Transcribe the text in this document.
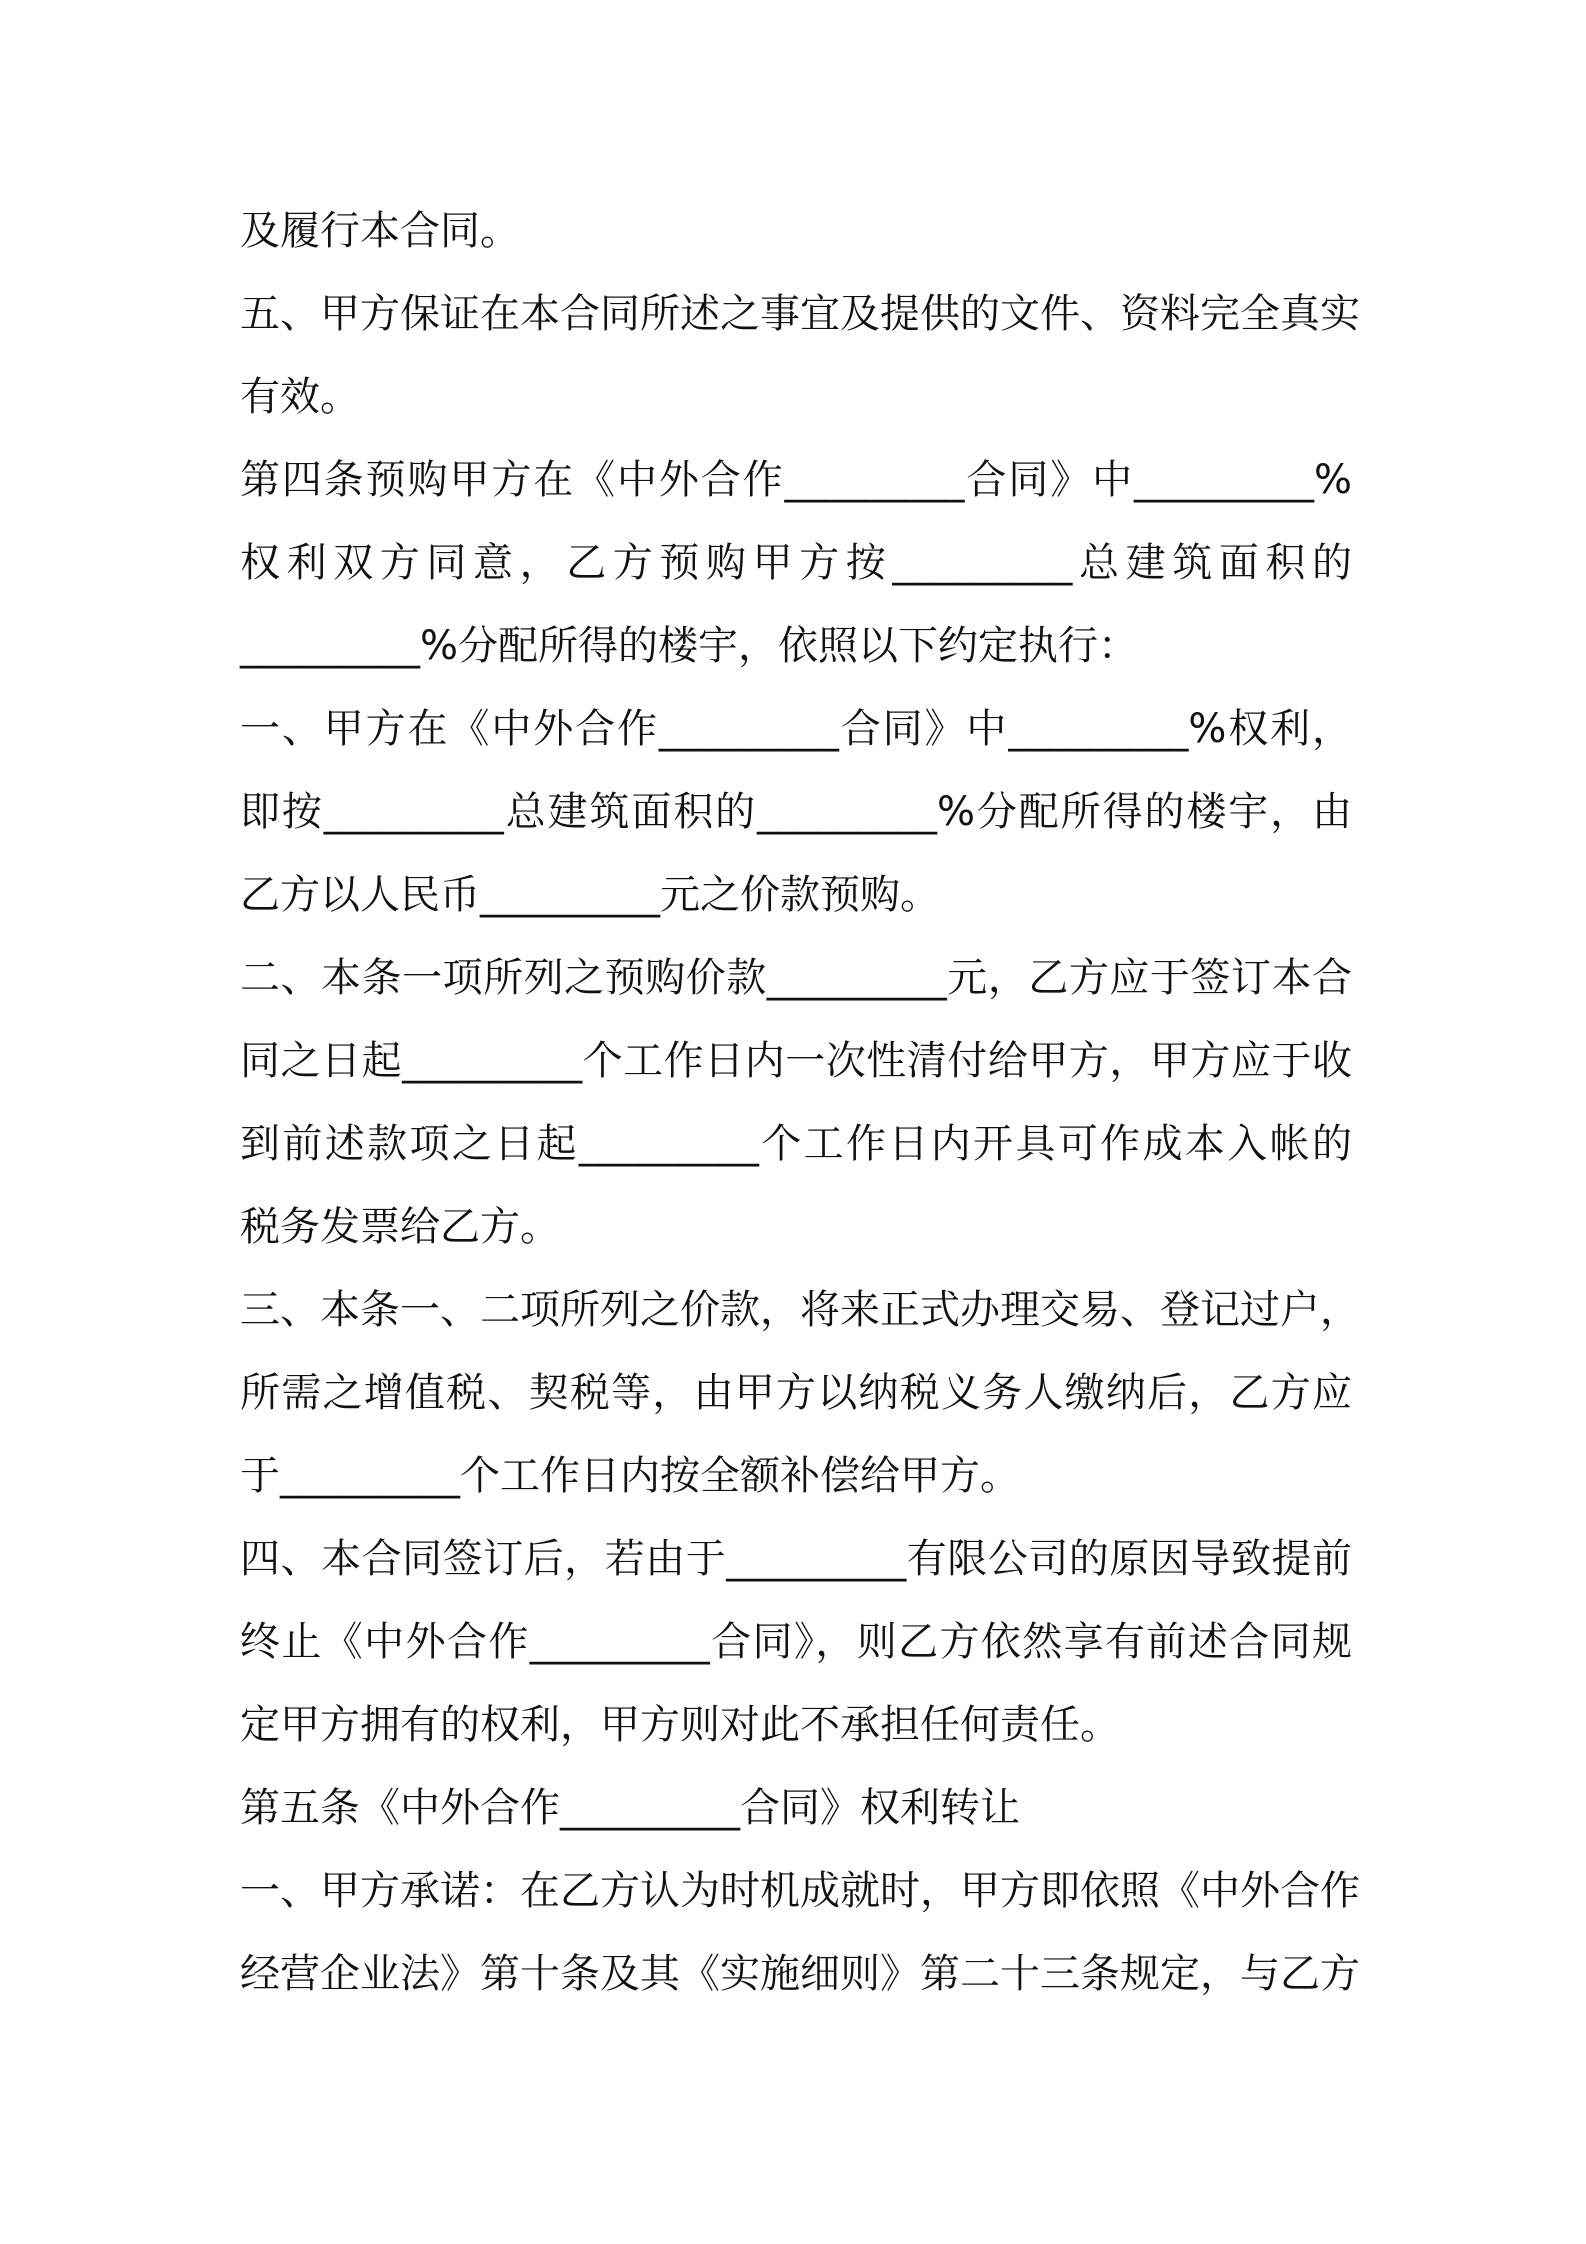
及履行本合同。
五、甲方保证在本合同所述之事宜及提供的文件、资料完全真实
有效。
第四条预购甲方在《中外合作_________合同》中_________%
权利双方同意，乙方预购甲方按_________总建筑面积的
_________%分配所得的楼宇，依照以下约定执行：
一、甲方在《中外合作_________合同》中_________%权利，
即按_________总建筑面积的_________%分配所得的楼宇，由
乙方以人民币_________元之价款预购。
二、本条一项所列之预购价款_________元，乙方应于签订本合
同之日起_________个工作日内一次性清付给甲方，甲方应于收
到前述款项之日起_________个工作日内开具可作成本入帐的
税务发票给乙方。
三、本条一、二项所列之价款，将来正式办理交易、登记过户，
所需之增值税、契税等，由甲方以纳税义务人缴纳后，乙方应
于_________个工作日内按全额补偿给甲方。
四、本合同签订后，若由于_________有限公司的原因导致提前
终止《中外合作_________合同》，则乙方依然享有前述合同规
定甲方拥有的权利，甲方则对此不承担任何责任。
第五条《中外合作_________合同》权利转让
一、甲方承诺：在乙方认为时机成就时，甲方即依照《中外合作
经营企业法》第十条及其《实施细则》第二十三条规定，与乙方
